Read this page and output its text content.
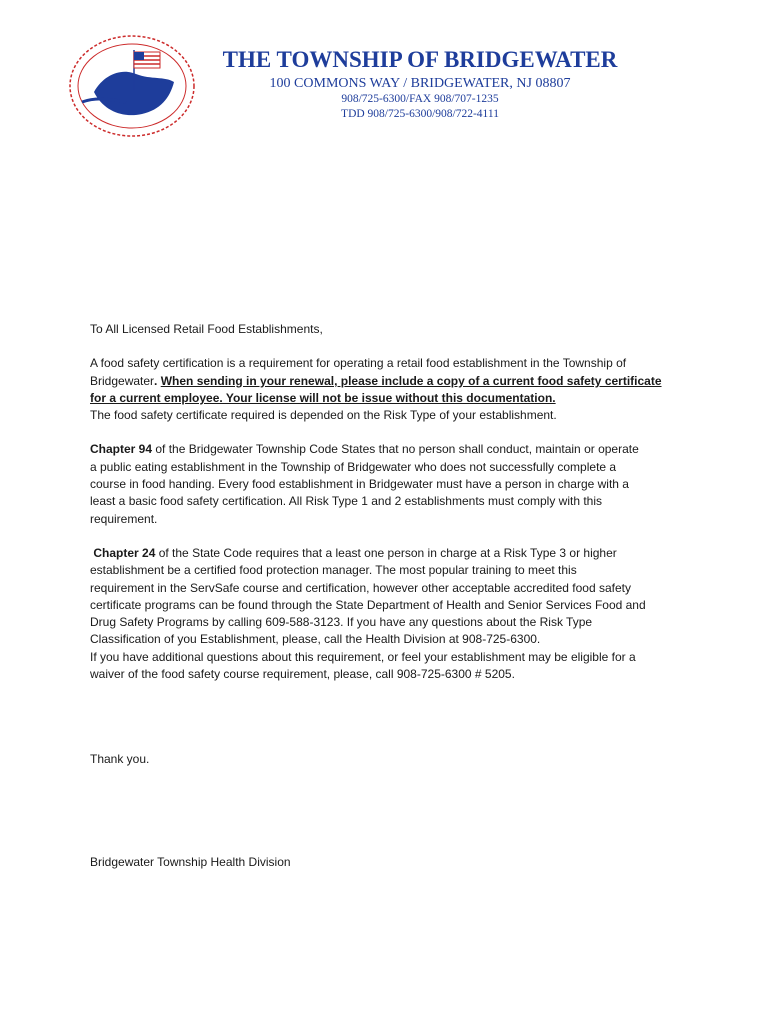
THE TOWNSHIP OF BRIDGEWATER
100 COMMONS WAY / BRIDGEWATER, NJ 08807
908/725-6300/FAX 908/707-1235
TDD 908/725-6300/908/722-4111

To All Licensed Retail Food Establishments,

A food safety certification is a requirement for operating a retail food establishment in the Township of

Bridgewater. When sending in your renewal, please include a copy of a current food safety certificate

for a current employee. Your license will not be issue without this documentation.

The food safety certificate required is depended on the Risk Type of your establishment.

Chapter 94 of the Bridgewater Township Code States that no person shall conduct, maintain or operate

a public eating establishment in the Township of Bridgewater who does not successfully complete a

course in food handing. Every food establishment in Bridgewater must have a person in charge with a

least a basic food safety certification. All Risk Type 1 and 2 establishments must comply with this

requirement.

Chapter 24 of the State Code requires that a least one person in charge at a Risk Type 3 or higher

establishment be a certified food protection manager. The most popular training to meet this

requirement in the ServSafe course and certification, however other acceptable accredited food safety

certificate programs can be found through the State Department of Health and Senior Services Food and

Drug Safety Programs by calling 609-588-3123. If you have any questions about the Risk Type

Classification of you Establishment, please, call the Health Division at 908-725-6300.

If you have additional questions about this requirement, or feel your establishment may be eligible for a

waiver of the food safety course requirement, please, call 908-725-6300 # 5205.

Thank you.

Bridgewater Township Health Division
